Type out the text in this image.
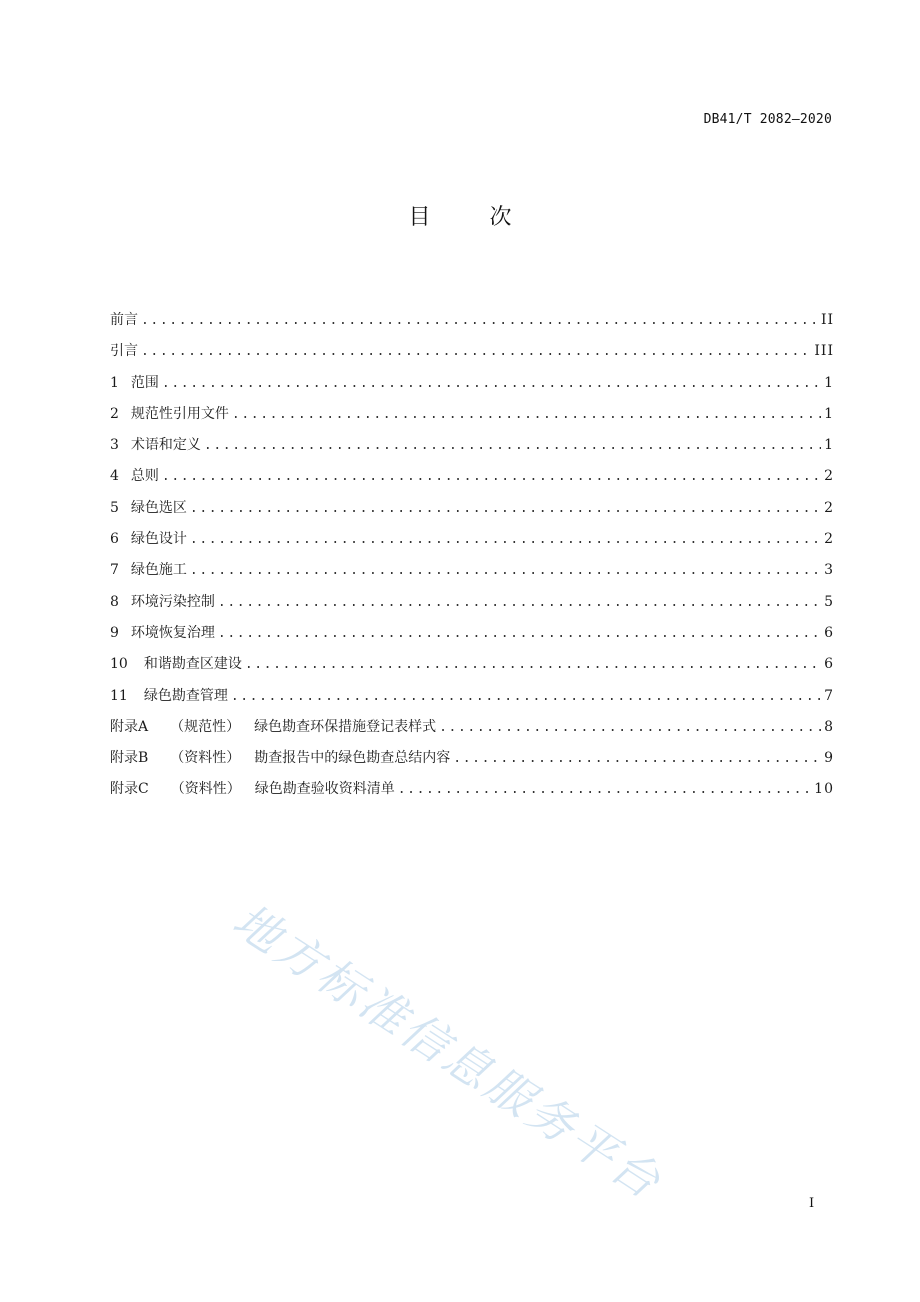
DB41/T 2082—2020
目 次
前言 .....	II
引言 .....	III
1 范围 .....	1
2 规范性引用文件 .....	1
3 术语和定义 .....	1
4 总则 .....	2
5 绿色选区 .....	2
6 绿色设计 .....	2
7 绿色施工 .....	3
8 环境污染控制 .....	5
9 环境恢复治理 .....	6
10	和谐勘查区建设 .....	6
11	绿色勘查管理 .....	7
附录A （规范性） 绿色勘查环保措施登记表样式 .....	8
附录B （资料性） 勘查报告中的绿色勘查总结内容 .....	9
附录C （资料性） 绿色勘查验收资料清单 .....	10
地方标准信息服务平台	I
